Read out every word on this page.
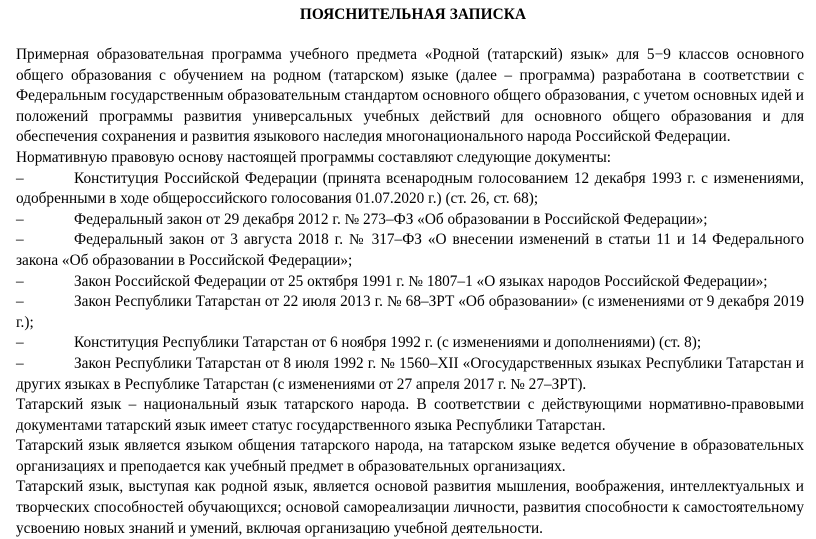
ПОЯСНИТЕЛЬНАЯ ЗАПИСКА

Примерная образовательная программа учебного предмета «Родной (татарский) язык» для 5−9 классов основного общего образования с обучением на родном (татарском) языке (далее – программа) разработана в соответствии с Федеральным государственным образовательным стандартом основного общего образования, с учетом основных идей и положений программы развития универсальных учебных действий для основного общего образования и для обеспечения сохранения и развития языкового наследия многонационального народа Российской Федерации.

Нормативную правовую основу настоящей программы составляют следующие документы:

–	Конституция Российской Федерации (принята всенародным голосованием 12 декабря 1993 г. с изменениями, одобренными в ходе общероссийского голосования 01.07.2020 г.) (ст. 26, ст. 68);

–	Федеральный закон от 29 декабря 2012 г. № 273–ФЗ «Об образовании в Российской Федерации»;

–	Федеральный закон от 3 августа 2018 г. № 317–ФЗ «О внесении изменений в статьи 11 и 14 Федерального закона «Об образовании в Российской Федерации»;

–	Закон Российской Федерации от 25 октября 1991 г. № 1807–1 «О языках народов Российской Федерации»;

–	Закон Республики Татарстан от 22 июля 2013 г. № 68–ЗРТ «Об образовании» (с изменениями от 9 декабря 2019 г.);

–	Конституция Республики Татарстан от 6 ноября 1992 г. (с изменениями и дополнениями) (ст. 8);

–	Закон Республики Татарстан от 8 июля 1992 г. № 1560–XII «Огосударственных языках Республики Татарстан и других языках в Республике Татарстан (с изменениями от 27 апреля 2017 г. № 27–ЗРТ).

Татарский язык – национальный язык татарского народа. В соответствии с действующими нормативно-правовыми документами татарский язык имеет статус государственного языка Республики Татарстан.

Татарский язык является языком общения татарского народа, на татарском языке ведется обучение в образовательных организациях и преподается как учебный предмет в образовательных организациях.

Татарский язык, выступая как родной язык, является основой развития мышления, воображения, интеллектуальных и творческих способностей обучающихся; основой самореализации личности, развития способности к самостоятельному усвоению новых знаний и умений, включая организацию учебной деятельности.
